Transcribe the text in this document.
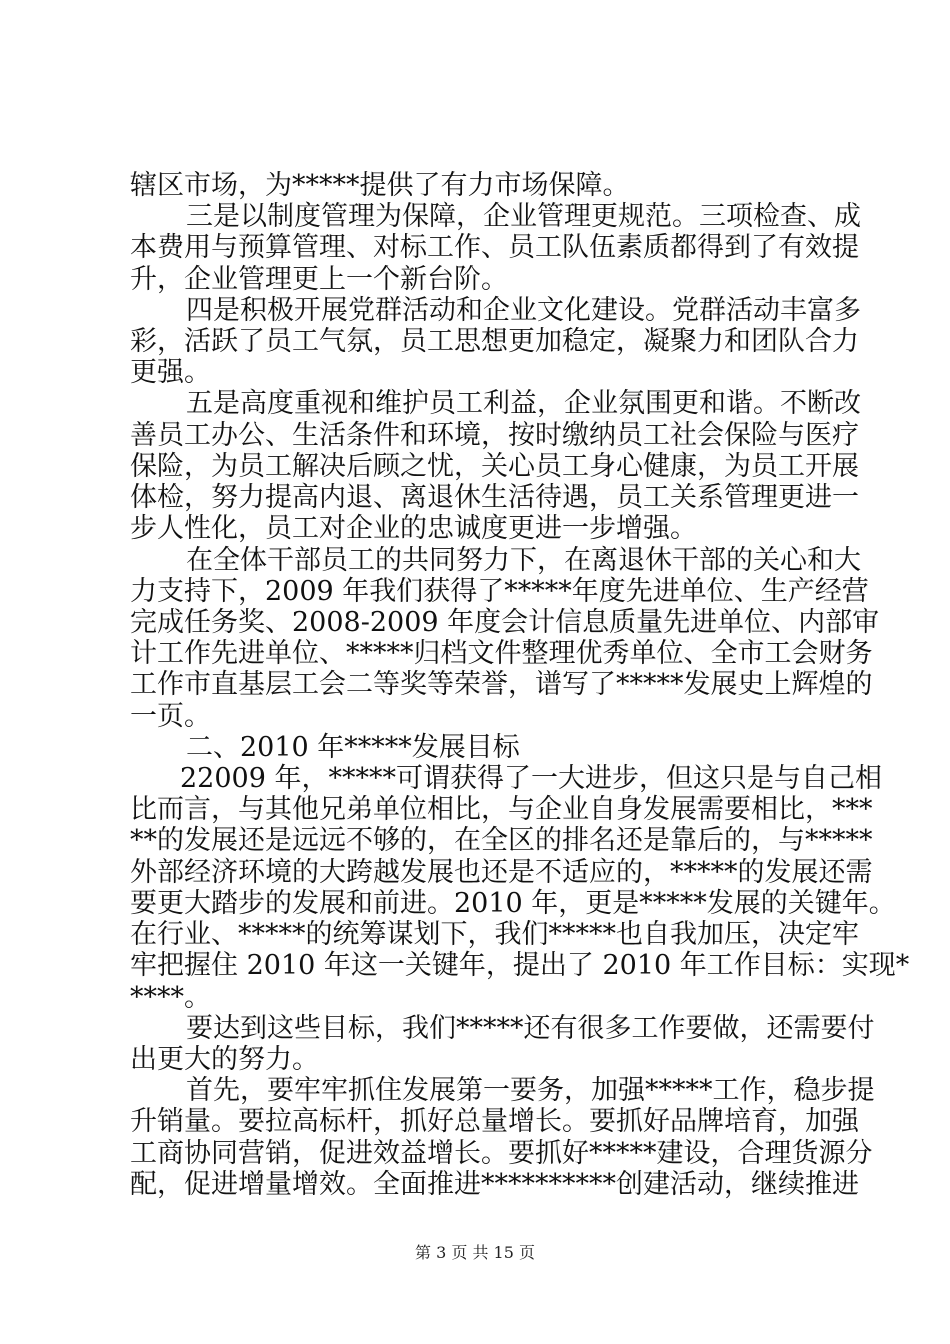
辖区市场，为*****提供了有力市场保障。
三是以制度管理为保障，企业管理更规范。三项检查、成
本费用与预算管理、对标工作、员工队伍素质都得到了有效提
升，企业管理更上一个新台阶。
四是积极开展党群活动和企业文化建设。党群活动丰富多
彩，活跃了员工气氛，员工思想更加稳定，凝聚力和团队合力
更强。
五是高度重视和维护员工利益，企业氛围更和谐。不断改
善员工办公、生活条件和环境，按时缴纳员工社会保险与医疗
保险，为员工解决后顾之忧，关心员工身心健康，为员工开展
体检，努力提高内退、离退休生活待遇，员工关系管理更进一
步人性化，员工对企业的忠诚度更进一步增强。
在全体干部员工的共同努力下，在离退休干部的关心和大
力支持下，2009 年我们获得了*****年度先进单位、生产经营
完成任务奖、2008-2009 年度会计信息质量先进单位、内部审
计工作先进单位、*****归档文件整理优秀单位、全市工会财务
工作市直基层工会二等奖等荣誉，谱写了*****发展史上辉煌的
一页。
二、2010 年*****发展目标
22009 年，*****可谓获得了一大进步，但这只是与自己相
比而言，与其他兄弟单位相比，与企业自身发展需要相比，***
**的发展还是远远不够的，在全区的排名还是靠后的，与*****
外部经济环境的大跨越发展也还是不适应的，*****的发展还需
要更大踏步的发展和前进。2010 年，更是*****发展的关键年。
在行业、*****的统筹谋划下，我们*****也自我加压，决定牢
牢把握住 2010 年这一关键年，提出了 2010 年工作目标：实现*
****。
要达到这些目标，我们*****还有很多工作要做，还需要付
出更大的努力。
首先，要牢牢抓住发展第一要务，加强*****工作，稳步提
升销量。要拉高标杆，抓好总量增长。要抓好品牌培育，加强
工商协同营销，促进效益增长。要抓好*****建设，合理货源分
配，促进增量增效。全面推进**********创建活动，继续推进
第 3 页 共 15 页
